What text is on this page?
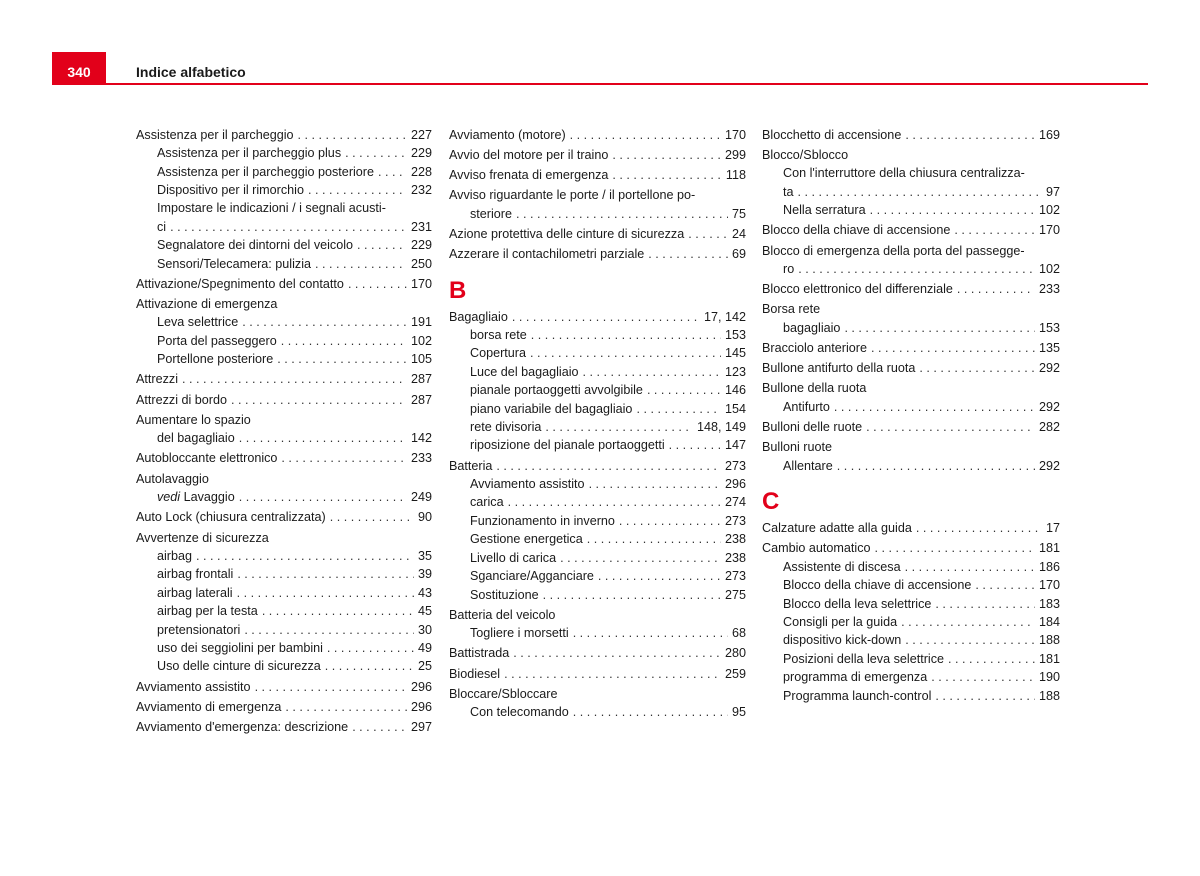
340	Indice alfabetico
Assistenza per il parcheggio . . .	227
Assistenza per il parcheggio plus . . .	229
Assistenza per il parcheggio posteriore . . .	228
Dispositivo per il rimorchio . . .	232
Impostare le indicazioni / i segnali acusti-
ci . . .	231
Segnalatore dei dintorni del veicolo . . .	229
Sensori/Telecamera: pulizia . . .	250
Attivazione/Spegnimento del contatto . . .	170
Attivazione di emergenza
Leva selettrice . . .	191
Porta del passeggero . . .	102
Portellone posteriore . . .	105
Attrezzi . . .	287
Attrezzi di bordo . . .	287
Aumentare lo spazio
del bagagliaio . . .	142
Autobloccante elettronico . . .	233
Autolavaggio
vedi Lavaggio . . .	249
Auto Lock (chiusura centralizzata) . . .	90
Avvertenze di sicurezza
airbag . . .	35
airbag frontali . . .	39
airbag laterali . . .	43
airbag per la testa . . .	45
pretensionatori . . .	30
uso dei seggiolini per bambini . . .	49
Uso delle cinture di sicurezza . . .	25
Avviamento assistito . . .	296
Avviamento di emergenza . . .	296
Avviamento d'emergenza: descrizione . . .	297
Avviamento (motore) . . .	170
Avvio del motore per il traino . . .	299
Avviso frenata di emergenza . . .	118
Avviso riguardante le porte / il portellone po-
steriore . . .	75
Azione protettiva delle cinture di sicurezza . . .	24
Azzerare il contachilometri parziale . . .	69
B
Bagagliaio . . .	17, 142
borsa rete . . .	153
Copertura . . .	145
Luce del bagagliaio . . .	123
pianale portaoggetti avvolgibile . . .	146
piano variabile del bagagliaio . . .	154
rete divisoria . . .	148, 149
riposizione del pianale portaoggetti . . .	147
Batteria . . .	273
Avviamento assistito . . .	296
carica . . .	274
Funzionamento in inverno . . .	273
Gestione energetica . . .	238
Livello di carica . . .	238
Sganciare/Agganciare . . .	273
Sostituzione . . .	275
Batteria del veicolo
Togliere i morsetti . . .	68
Battistrada . . .	280
Biodiesel . . .	259
Bloccare/Sbloccare
Con telecomando . . .	95
Blocchetto di accensione . . .	169
Blocco/Sblocco
Con l'interruttore della chiusura centralizza-
ta . . .	97
Nella serratura . . .	102
Blocco della chiave di accensione . . .	170
Blocco di emergenza della porta del passegge-
ro . . .	102
Blocco elettronico del differenziale . . .	233
Borsa rete
bagagliaio . . .	153
Bracciolo anteriore . . .	135
Bullone antifurto della ruota . . .	292
Bullone della ruota
Antifurto . . .	292
Bulloni delle ruote . . .	282
Bulloni ruote
Allentare . . .	292
C
Calzature adatte alla guida . . .	17
Cambio automatico . . .	181
Assistente di discesa . . .	186
Blocco della chiave di accensione . . .	170
Blocco della leva selettrice . . .	183
Consigli per la guida . . .	184
dispositivo kick-down . . .	188
Posizioni della leva selettrice . . .	181
programma di emergenza . . .	190
Programma launch-control . . .	188
